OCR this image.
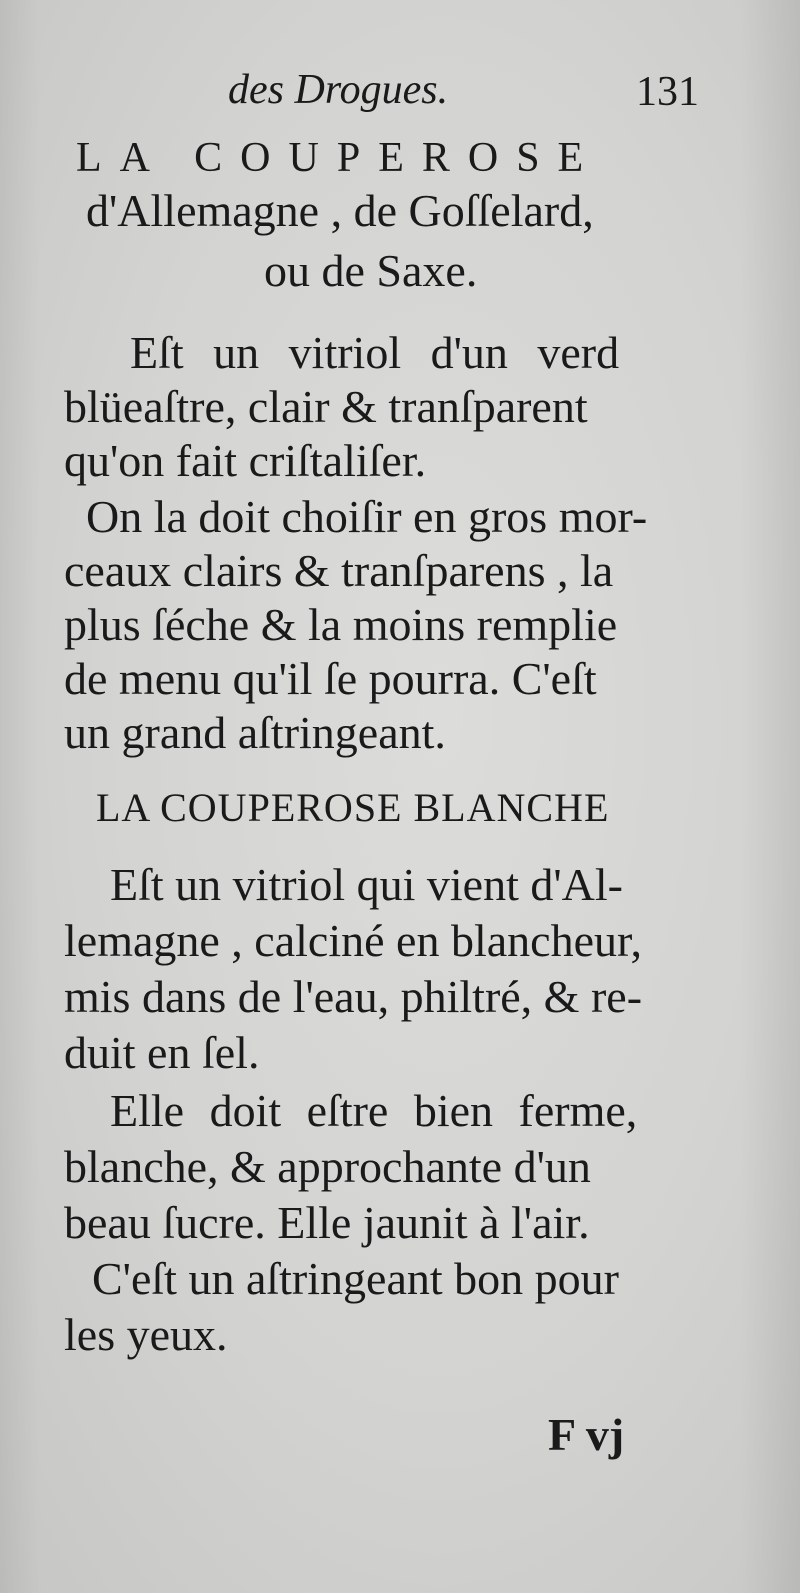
des Drogues.	131
LA COUPEROSE
d'Allemagne , de Goſſelard,
ou de Saxe.
Eſt un vitriol d'un verd
blüeaſtre, clair & tranſparent
qu'on fait criſtaliſer.
On la doit choiſir en gros mor-
ceaux clairs & tranſparens , la
plus ſéche & la moins remplie
de menu qu'il ſe pourra. C'eſt
un grand aſtringeant.
LA COUPEROSE BLANCHE
Eſt un vitriol qui vient d'Al-
lemagne , calciné en blancheur,
mis dans de l'eau, philtré, & re-
duit en ſel.
Elle doit eſtre bien ferme,
blanche, & approchante d'un
beau ſucre. Elle jaunit à l'air.
C'eſt un aſtringeant bon pour
les yeux.
F vj
